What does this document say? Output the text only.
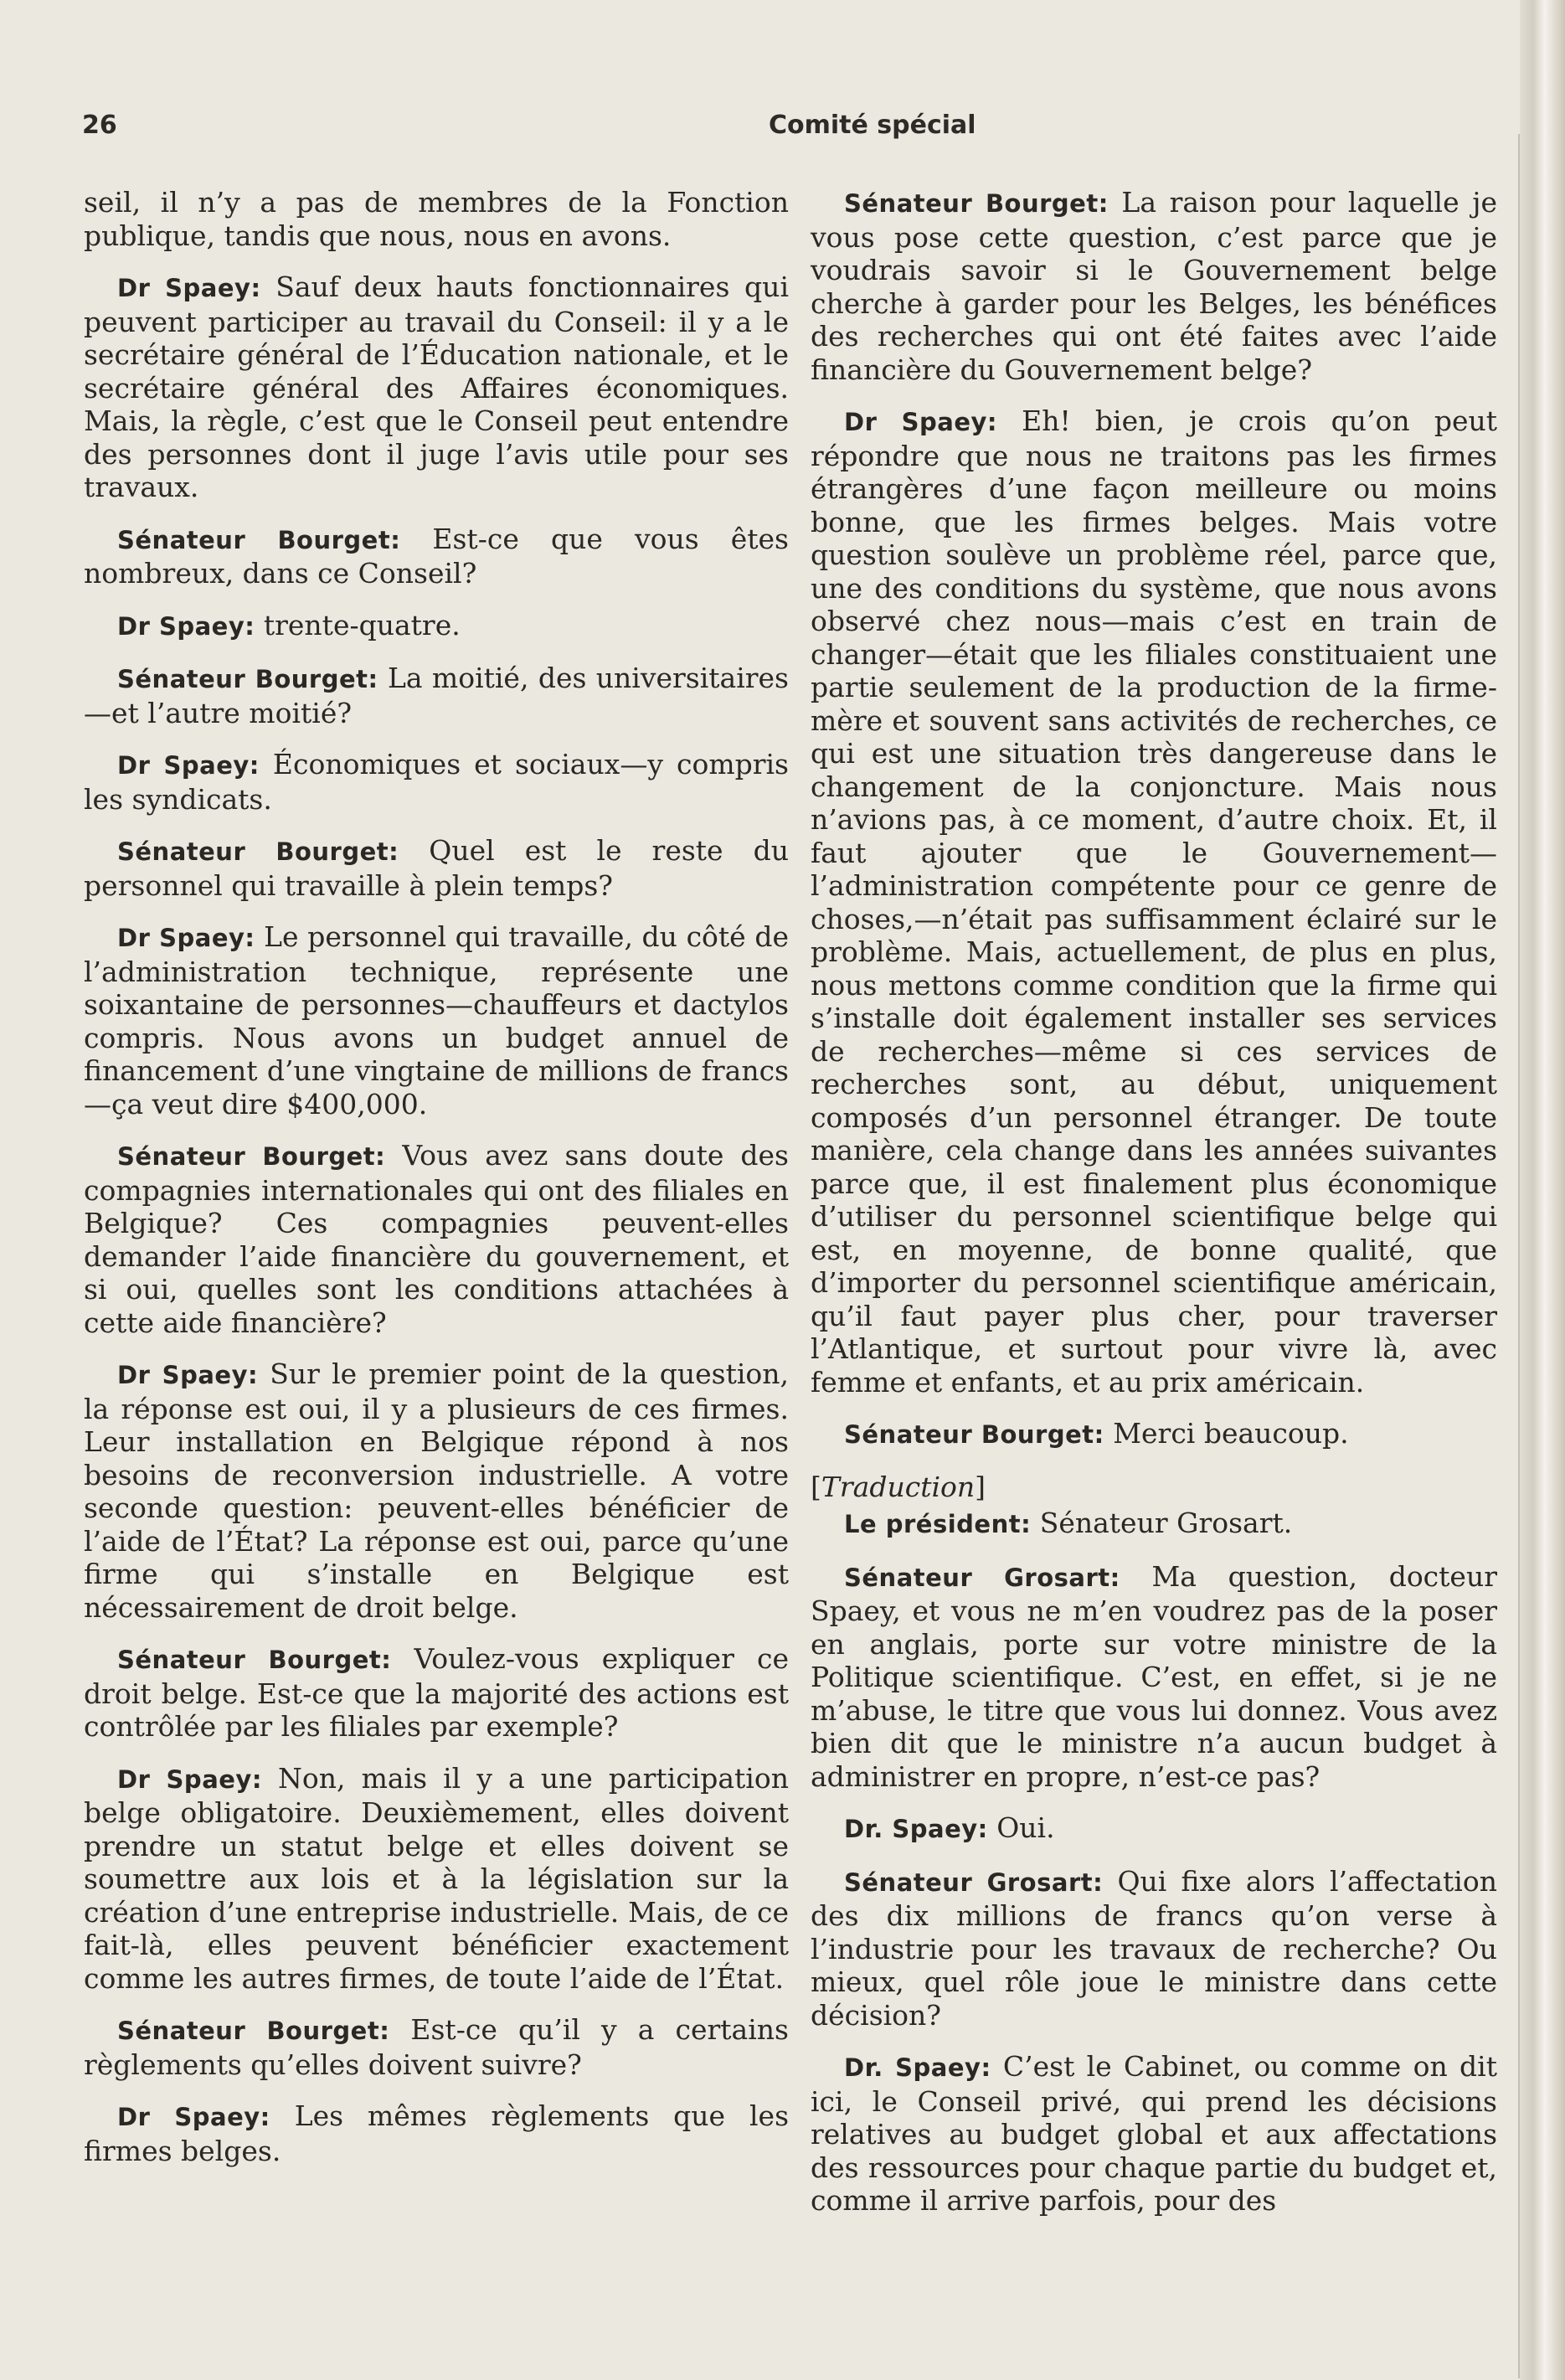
26	Comité spécial

seil, il n’y a pas de membres de la Fonction publique, tandis que nous, nous en avons.

Dr Spaey: Sauf deux hauts fonctionnaires qui peuvent participer au travail du Conseil: il y a le secrétaire général de l’Éducation nationale, et le secrétaire général des Affaires économiques. Mais, la règle, c’est que le Conseil peut entendre des personnes dont il juge l’avis utile pour ses travaux.

Sénateur Bourget: Est-ce que vous êtes nombreux, dans ce Conseil?

Dr Spaey: trente-quatre.

Sénateur Bourget: La moitié, des universitaires—et l’autre moitié?

Dr Spaey: Économiques et sociaux—y compris les syndicats.

Sénateur Bourget: Quel est le reste du personnel qui travaille à plein temps?

Dr Spaey: Le personnel qui travaille, du côté de l’administration technique, représente une soixantaine de personnes—chauffeurs et dactylos compris. Nous avons un budget annuel de financement d’une vingtaine de millions de francs—ça veut dire $400,000.

Sénateur Bourget: Vous avez sans doute des compagnies internationales qui ont des filiales en Belgique? Ces compagnies peuvent-elles demander l’aide financière du gouvernement, et si oui, quelles sont les conditions attachées à cette aide financière?

Dr Spaey: Sur le premier point de la question, la réponse est oui, il y a plusieurs de ces firmes. Leur installation en Belgique répond à nos besoins de reconversion industrielle. A votre seconde question: peuvent-elles bénéficier de l’aide de l’État? La réponse est oui, parce qu’une firme qui s’installe en Belgique est nécessairement de droit belge.

Sénateur Bourget: Voulez-vous expliquer ce droit belge. Est-ce que la majorité des actions est contrôlée par les filiales par exemple?

Dr Spaey: Non, mais il y a une participation belge obligatoire. Deuxièmement, elles doivent prendre un statut belge et elles doivent se soumettre aux lois et à la législation sur la création d’une entreprise industrielle. Mais, de ce fait-là, elles peuvent bénéficier exactement comme les autres firmes, de toute l’aide de l’État.

Sénateur Bourget: Est-ce qu’il y a certains règlements qu’elles doivent suivre?

Dr Spaey: Les mêmes règlements que les firmes belges.

Sénateur Bourget: La raison pour laquelle je vous pose cette question, c’est parce que je voudrais savoir si le Gouvernement belge cherche à garder pour les Belges, les bénéfices des recherches qui ont été faites avec l’aide financière du Gouvernement belge?

Dr Spaey: Eh! bien, je crois qu’on peut répondre que nous ne traitons pas les firmes étrangères d’une façon meilleure ou moins bonne, que les firmes belges. Mais votre question soulève un problème réel, parce que, une des conditions du système, que nous avons observé chez nous—mais c’est en train de changer—était que les filiales constituaient une partie seulement de la production de la firme-mère et souvent sans activités de recherches, ce qui est une situation très dangereuse dans le changement de la conjoncture. Mais nous n’avions pas, à ce moment, d’autre choix. Et, il faut ajouter que le Gouvernement—l’administration compétente pour ce genre de choses,—n’était pas suffisamment éclairé sur le problème. Mais, actuellement, de plus en plus, nous mettons comme condition que la firme qui s’installe doit également installer ses services de recherches—même si ces services de recherches sont, au début, uniquement composés d’un personnel étranger. De toute manière, cela change dans les années suivantes parce que, il est finalement plus économique d’utiliser du personnel scientifique belge qui est, en moyenne, de bonne qualité, que d’importer du personnel scientifique américain, qu’il faut payer plus cher, pour traverser l’Atlantique, et surtout pour vivre là, avec femme et enfants, et au prix américain.

Sénateur Bourget: Merci beaucoup.

[Traduction]

Le président: Sénateur Grosart.

Sénateur Grosart: Ma question, docteur Spaey, et vous ne m’en voudrez pas de la poser en anglais, porte sur votre ministre de la Politique scientifique. C’est, en effet, si je ne m’abuse, le titre que vous lui donnez. Vous avez bien dit que le ministre n’a aucun budget à administrer en propre, n’est-ce pas?

Dr. Spaey: Oui.

Sénateur Grosart: Qui fixe alors l’affectation des dix millions de francs qu’on verse à l’industrie pour les travaux de recherche? Ou mieux, quel rôle joue le ministre dans cette décision?

Dr. Spaey: C’est le Cabinet, ou comme on dit ici, le Conseil privé, qui prend les décisions relatives au budget global et aux affectations des ressources pour chaque partie du budget et, comme il arrive parfois, pour des
